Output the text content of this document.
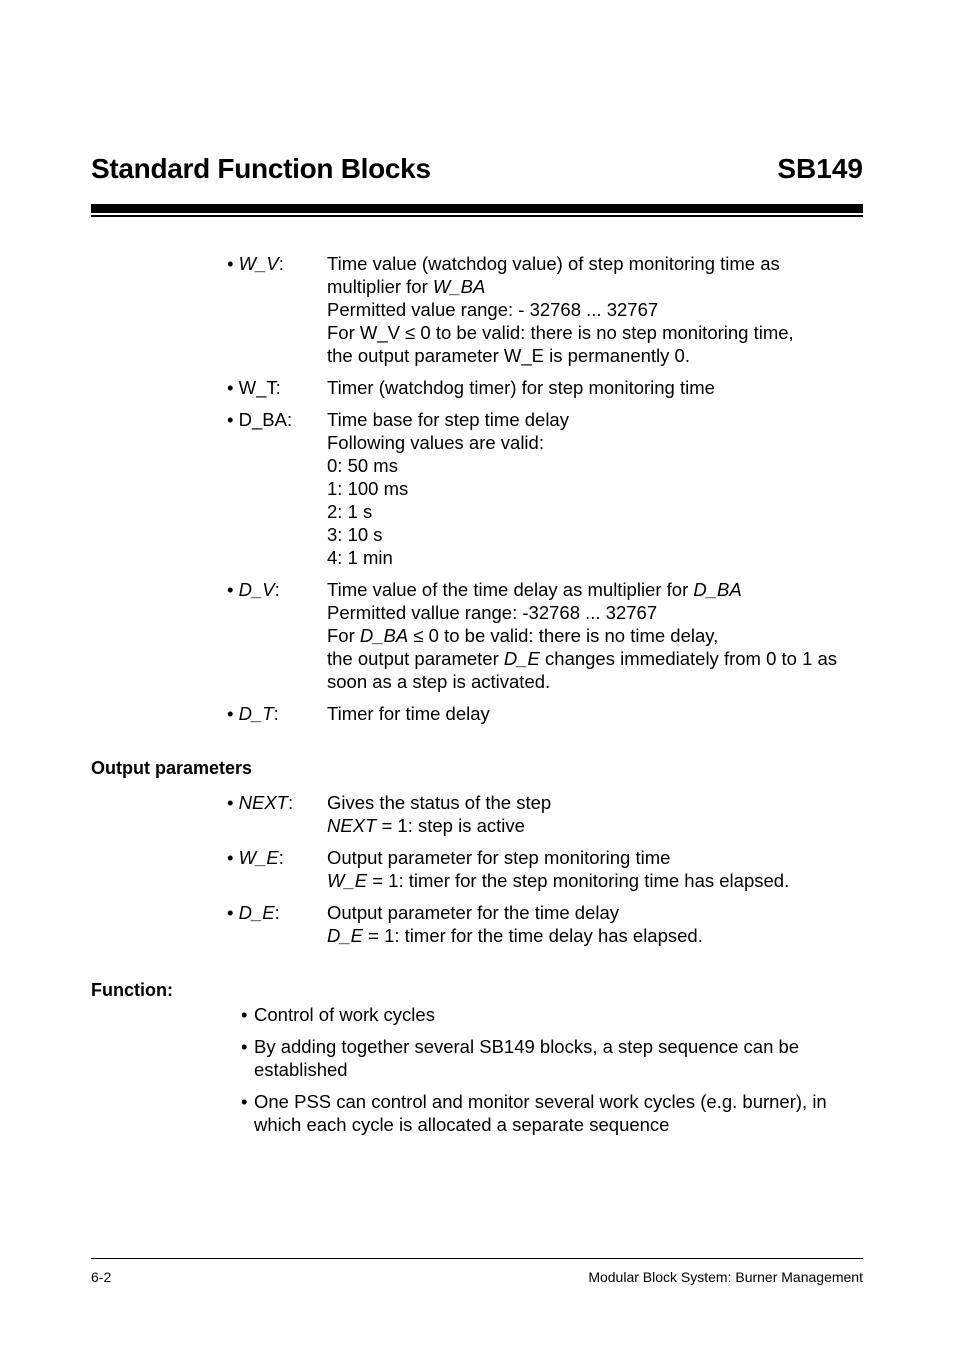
Standard Function Blocks	SB149
• W_V:	Time value (watchdog value) of step monitoring time as
multiplier for W_BA
Permitted value range: - 32768 ... 32767
For W_V ≤ 0 to be valid: there is no step monitoring time,
the output parameter W_E is permanently 0.
• W_T:	Timer (watchdog timer) for step monitoring time
• D_BA:	Time base for step time delay
Following values are valid:
0: 50 ms
1: 100 ms
2: 1 s
3: 10 s
4: 1 min
• D_V:	Time value of the time delay as multiplier for D_BA
Permitted vallue range: -32768 ... 32767
For D_BA ≤ 0 to be valid: there is no time delay,
the output parameter D_E changes immediately from 0 to 1 as
soon as a step is activated.
• D_T:	Timer for time delay
Output parameters
• NEXT:	Gives the status of the step
NEXT = 1: step is active
• W_E:	Output parameter for step monitoring time
W_E = 1: timer for the step monitoring time has elapsed.
• D_E:	Output parameter for the time delay
D_E = 1: timer for the time delay has elapsed.
Function:
• Control of work cycles
• By adding together several SB149 blocks, a step sequence can be
established
• One PSS can control and monitor several work cycles (e.g. burner), in
which each cycle is allocated a separate sequence
6-2	Modular Block System: Burner Management
